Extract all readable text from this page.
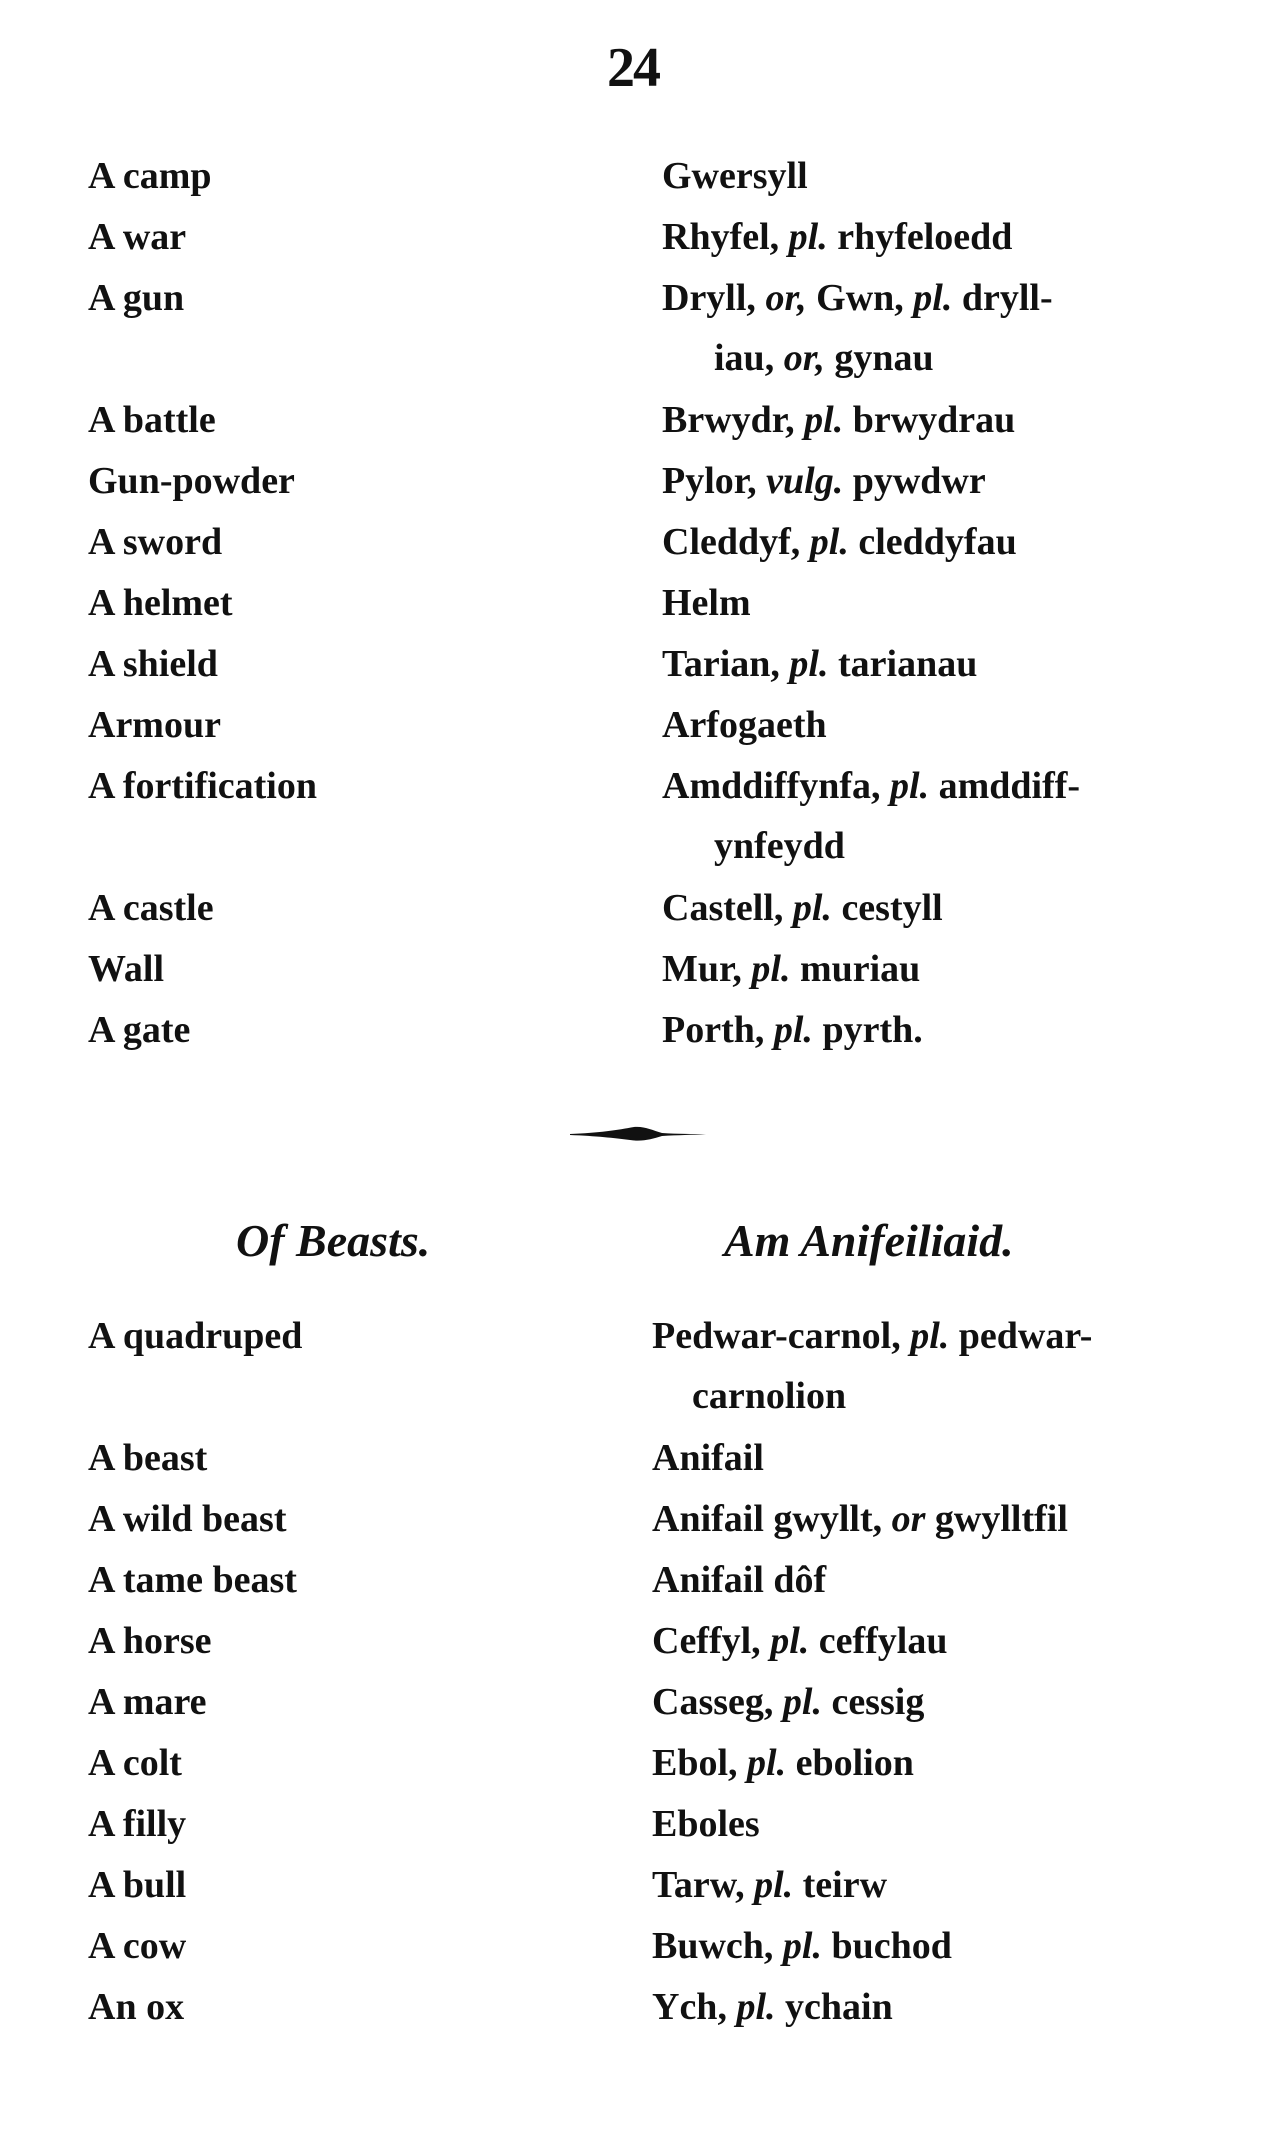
24
A camp	Gwersyll
A war	Rhyfel, pl. rhyfeloedd
A gun	Dryll, or, Gwn, pl. dryll-
iau, or, gynau
A battle	Brwydr, pl. brwydrau
Gun-powder	Pylor, vulg. pywdwr
A sword	Cleddyf, pl. cleddyfau
A helmet	Helm
A shield	Tarian, pl. tarianau
Armour	Arfogaeth
A fortification	Amddiffynfa, pl. amddiff-
ynfeydd
A castle	Castell, pl. cestyll
Wall	Mur, pl. muriau
A gate	Porth, pl. pyrth.
Of Beasts.	Am Anifeiliaid.
A quadruped	Pedwar-carnol, pl. pedwar-
carnolion
A beast	Anifail
A wild beast	Anifail gwyllt, or gwylltfil
A tame beast	Anifail dôf
A horse	Ceffyl, pl. ceffylau
A mare	Casseg, pl. cessig
A colt	Ebol, pl. ebolion
A filly	Eboles
A bull	Tarw, pl. teirw
A cow	Buwch, pl. buchod
An ox	Ych, pl. ychain
